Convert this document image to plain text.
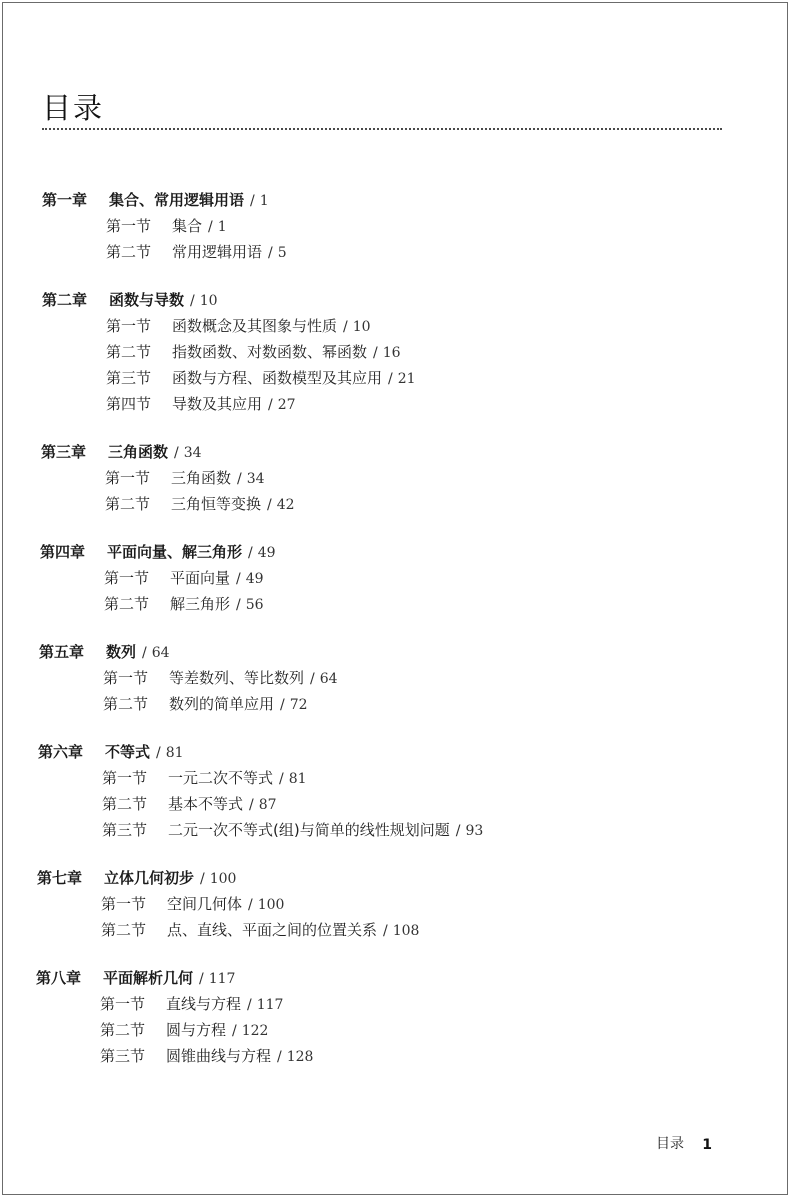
目录
第一章	集合、常用逻辑用语 / 1
第一节	集合 / 1
第二节	常用逻辑用语 / 5
第二章	函数与导数 / 10
第一节	函数概念及其图象与性质 / 10
第二节	指数函数、对数函数、幂函数 / 16
第三节	函数与方程、函数模型及其应用 / 21
第四节	导数及其应用 / 27
第三章	三角函数 / 34
第一节	三角函数 / 34
第二节	三角恒等变换 / 42
第四章	平面向量、解三角形 / 49
第一节	平面向量 / 49
第二节	解三角形 / 56
第五章	数列 / 64
第一节	等差数列、等比数列 / 64
第二节	数列的简单应用 / 72
第六章	不等式 / 81
第一节	一元二次不等式 / 81
第二节	基本不等式 / 87
第三节	二元一次不等式(组)与简单的线性规划问题 / 93
第七章	立体几何初步 / 100
第一节	空间几何体 / 100
第二节	点、直线、平面之间的位置关系 / 108
第八章	平面解析几何 / 117
第一节	直线与方程 / 117
第二节	圆与方程 / 122
第三节	圆锥曲线与方程 / 128
目录 1
